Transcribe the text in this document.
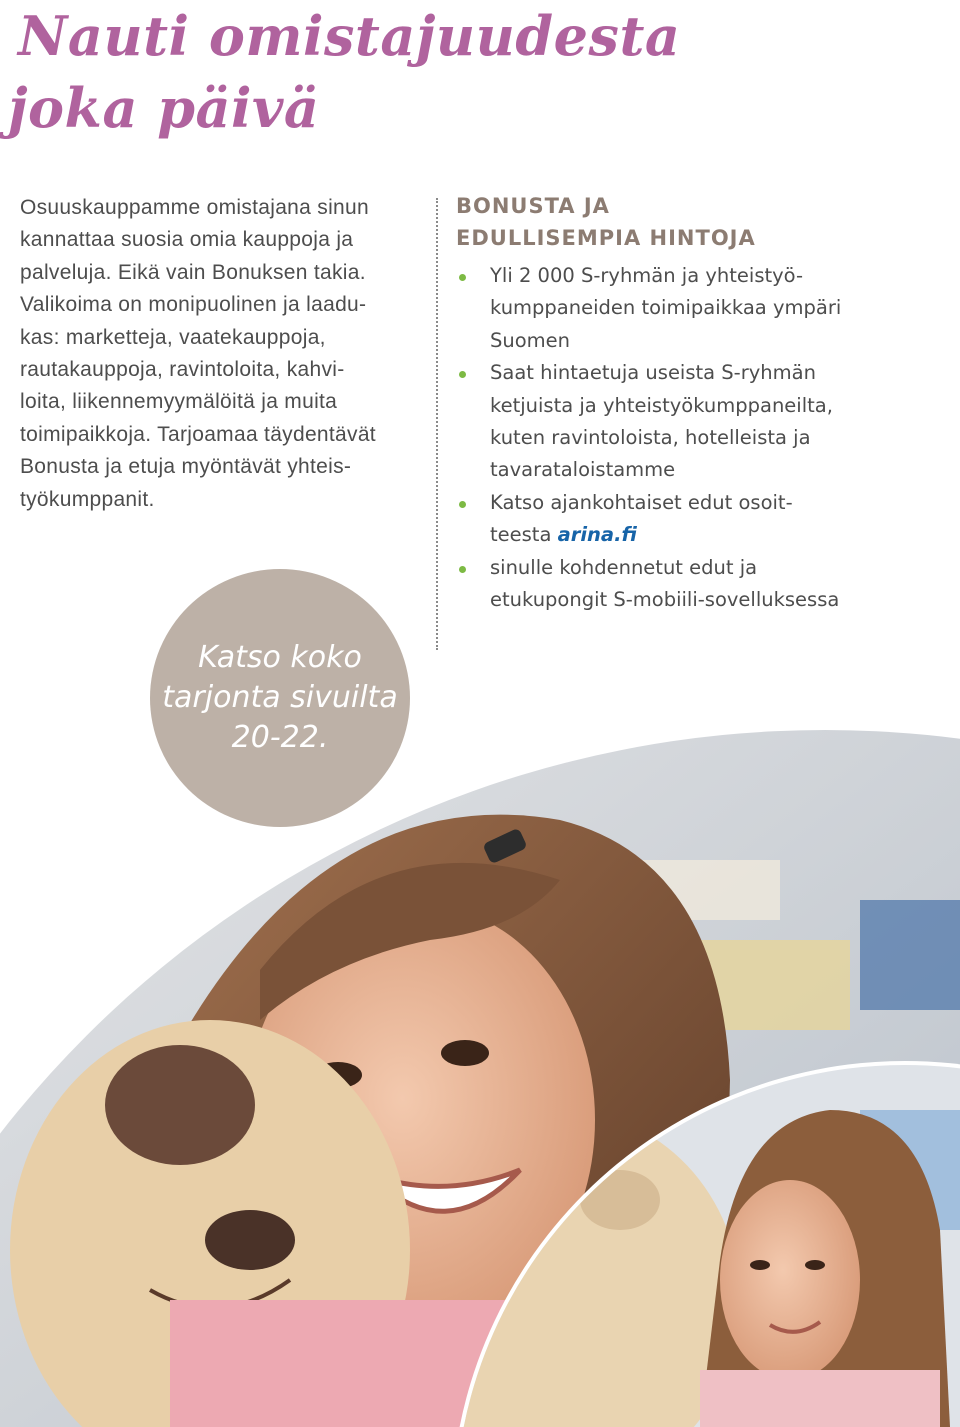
Nauti omistajuudesta
joka päivä
Osuuskauppamme omistajana sinun
kannattaa suosia omia kauppoja ja
palveluja. Eikä vain Bonuksen takia.
Valikoima on monipuolinen ja laadu-
kas: marketteja, vaatekauppoja,
rautakauppoja, ravintoloita, kahvi-
loita, liikennemyymälöitä ja muita
toimipaikkoja. Tarjoamaa täydentävät
Bonusta ja etuja myöntävät yhteis-
työkumppanit.
BONUSTA JA
EDULLISEMPIA HINTOJA
Yli 2 000 S-ryhmän ja yhteistyö-
kumppaneiden toimipaikkaa ympäri
Suomen
Saat hintaetuja useista S-ryhmän
ketjuista ja yhteistyökumppaneilta,
kuten ravintoloista, hotelleista ja
tavarataloistamme
Katso ajankohtaiset edut osoit-
teesta arina.fi
sinulle kohdennetut edut ja
etukupongit S-mobiili-sovelluksessa
Katso koko
tarjonta sivuilta
20-22.
